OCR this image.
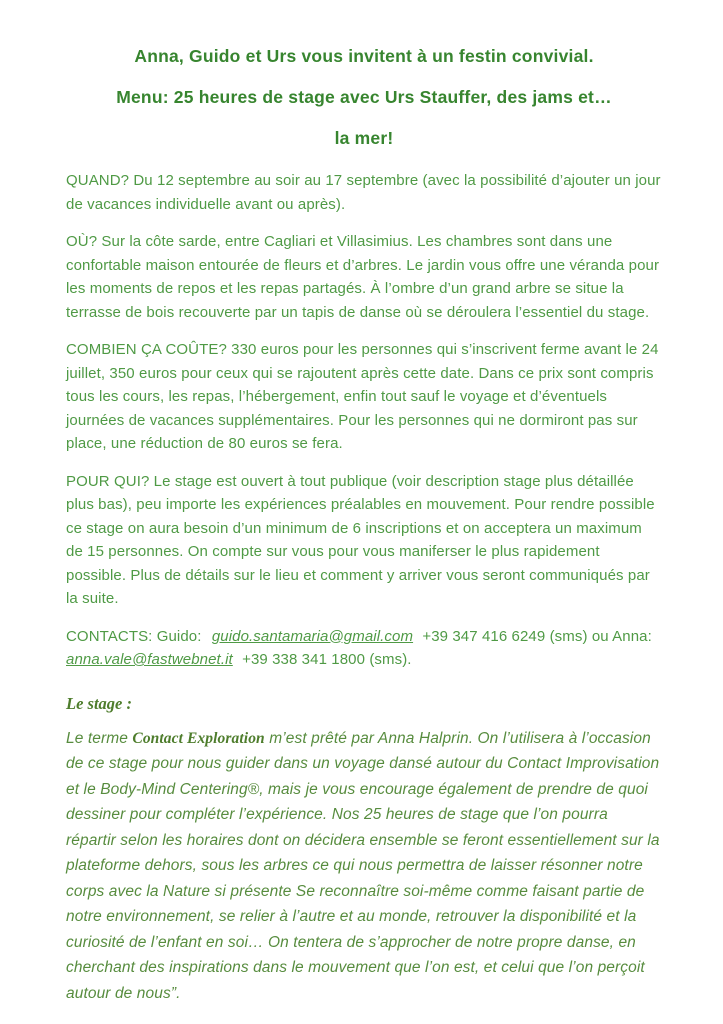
Anna, Guido et Urs vous invitent à un festin convivial.

Menu: 25 heures de stage avec Urs Stauffer, des jams et…

la mer!

QUAND? Du 12 septembre au soir au 17 septembre (avec la possibilité d’ajouter un jour de vacances individuelle avant ou après).

OÙ? Sur la côte sarde, entre Cagliari et Villasimius. Les chambres sont dans une confortable maison entourée de fleurs et d’arbres. Le jardin vous offre une véranda pour les moments de repos et les repas partagés. À l’ombre d’un grand arbre se situe la terrasse de bois recouverte par un tapis de danse où se déroulera l’essentiel du stage.

COMBIEN ÇA COÛTE? 330 euros pour les personnes qui s’inscrivent ferme avant le 24 juillet, 350 euros pour ceux qui se rajoutent après cette date. Dans ce prix sont compris tous les cours, les repas, l’hébergement, enfin tout sauf le voyage et d’éventuels journées de vacances supplémentaires. Pour les personnes qui ne dormiront pas sur place, une réduction de 80 euros se fera.

POUR QUI? Le stage est ouvert à tout publique (voir description stage plus détaillée plus bas), peu importe les expériences préalables en mouvement. Pour rendre possible ce stage on aura besoin d’un minimum de 6 inscriptions et on acceptera un maximum de 15 personnes. On compte sur vous pour vous maniferser le plus rapidement possible. Plus de détails sur le lieu et comment y arriver vous seront communiqués par la suite.

CONTACTS: Guido: guido.santamaria@gmail.com +39 347 416 6249 (sms) ou Anna: anna.vale@fastwebnet.it +39 338 341 1800 (sms).

Le stage :

Le terme Contact Exploration m’est prêté par Anna Halprin. On l’utilisera à l’occasion de ce stage pour nous guider dans un voyage dansé autour du Contact Improvisation et le Body-Mind Centering®, mais je vous encourage également de prendre de quoi dessiner pour compléter l’expérience. Nos 25 heures de stage que l’on pourra répartir selon les horaires dont on décidera ensemble se feront essentiellement sur la plateforme dehors, sous les arbres ce qui nous permettra de laisser résonner notre corps avec la Nature si présente Se reconnaître soi-même comme faisant partie de notre environnement, se relier à l’autre et au monde, retrouver la disponibilité et la curiosité de l’enfant en soi… On tentera de s’approcher de notre propre danse, en cherchant des inspirations dans le mouvement que l’on est, et celui que l’on perçoit autour de nous”.
